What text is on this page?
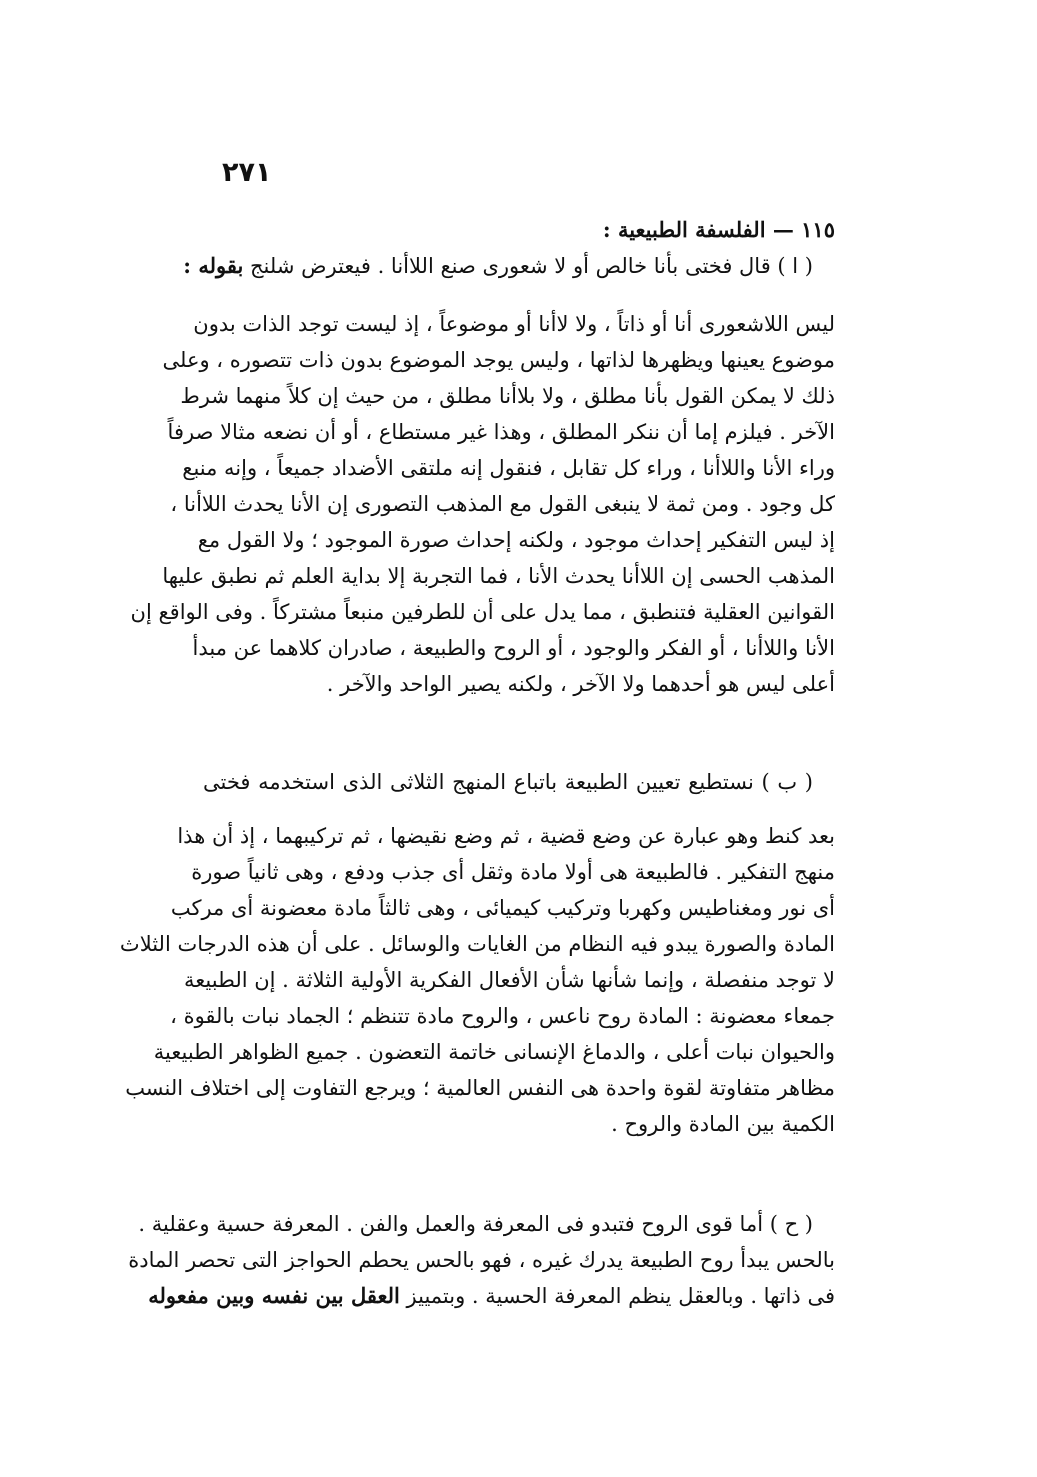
٢٧١
١١٥ — الفلسفة الطبيعية :
( ا ) قال فختى بأنا خالص أو لا شعورى صنع اللاأنا . فيعترض شلنج بقوله :
ليس اللاشعورى أنا أو ذاتاً ، ولا لاأنا أو موضوعاً ، إذ ليست توجد الذات بدون
موضوع يعينها ويظهرها لذاتها ، وليس يوجد الموضوع بدون ذات تتصوره ، وعلى
ذلك لا يمكن القول بأنا مطلق ، ولا بلاأنا مطلق ، من حيث إن كلاً منهما شرط
الآخر . فيلزم إما أن ننكر المطلق ، وهذا غير مستطاع ، أو أن نضعه مثالا صرفاً
وراء الأنا واللاأنا ، وراء كل تقابل ، فنقول إنه ملتقى الأضداد جميعاً ، وإنه منبع
كل وجود . ومن ثمة لا ينبغى القول مع المذهب التصورى إن الأنا يحدث اللاأنا ،
إذ ليس التفكير إحداث موجود ، ولكنه إحداث صورة الموجود ؛ ولا القول مع
المذهب الحسى إن اللاأنا يحدث الأنا ، فما التجربة إلا بداية العلم ثم نطبق عليها
القوانين العقلية فتنطبق ، مما يدل على أن للطرفين منبعاً مشتركاً . وفى الواقع إن
الأنا واللاأنا ، أو الفكر والوجود ، أو الروح والطبيعة ، صادران كلاهما عن مبدأ
أعلى ليس هو أحدهما ولا الآخر ، ولكنه يصير الواحد والآخر .
( ب ) نستطيع تعيين الطبيعة باتباع المنهج الثلاثى الذى استخدمه فختى
بعد كنط وهو عبارة عن وضع قضية ، ثم وضع نقيضها ، ثم تركيبهما ، إذ أن هذا
منهج التفكير . فالطبيعة هى أولا مادة وثقل أى جذب ودفع ، وهى ثانياً صورة
أى نور ومغناطيس وكهربا وتركيب كيميائى ، وهى ثالثاً مادة معضونة أى مركب
المادة والصورة يبدو فيه النظام من الغايات والوسائل . على أن هذه الدرجات الثلاث
لا توجد منفصلة ، وإنما شأنها شأن الأفعال الفكرية الأولية الثلاثة . إن الطبيعة
جمعاء معضونة : المادة روح ناعس ، والروح مادة تتنظم ؛ الجماد نبات بالقوة ،
والحيوان نبات أعلى ، والدماغ الإنسانى خاتمة التعضون . جميع الظواهر الطبيعية
مظاهر متفاوتة لقوة واحدة هى النفس العالمية ؛ ويرجع التفاوت إلى اختلاف النسب
الكمية بين المادة والروح .
( ح ) أما قوى الروح فتبدو فى المعرفة والعمل والفن . المعرفة حسية وعقلية .
بالحس يبدأ روح الطبيعة يدرك غيره ، فهو بالحس يحطم الحواجز التى تحصر المادة
فى ذاتها . وبالعقل ينظم المعرفة الحسية . وبتمييز العقل بين نفسه وبين مفعوله
